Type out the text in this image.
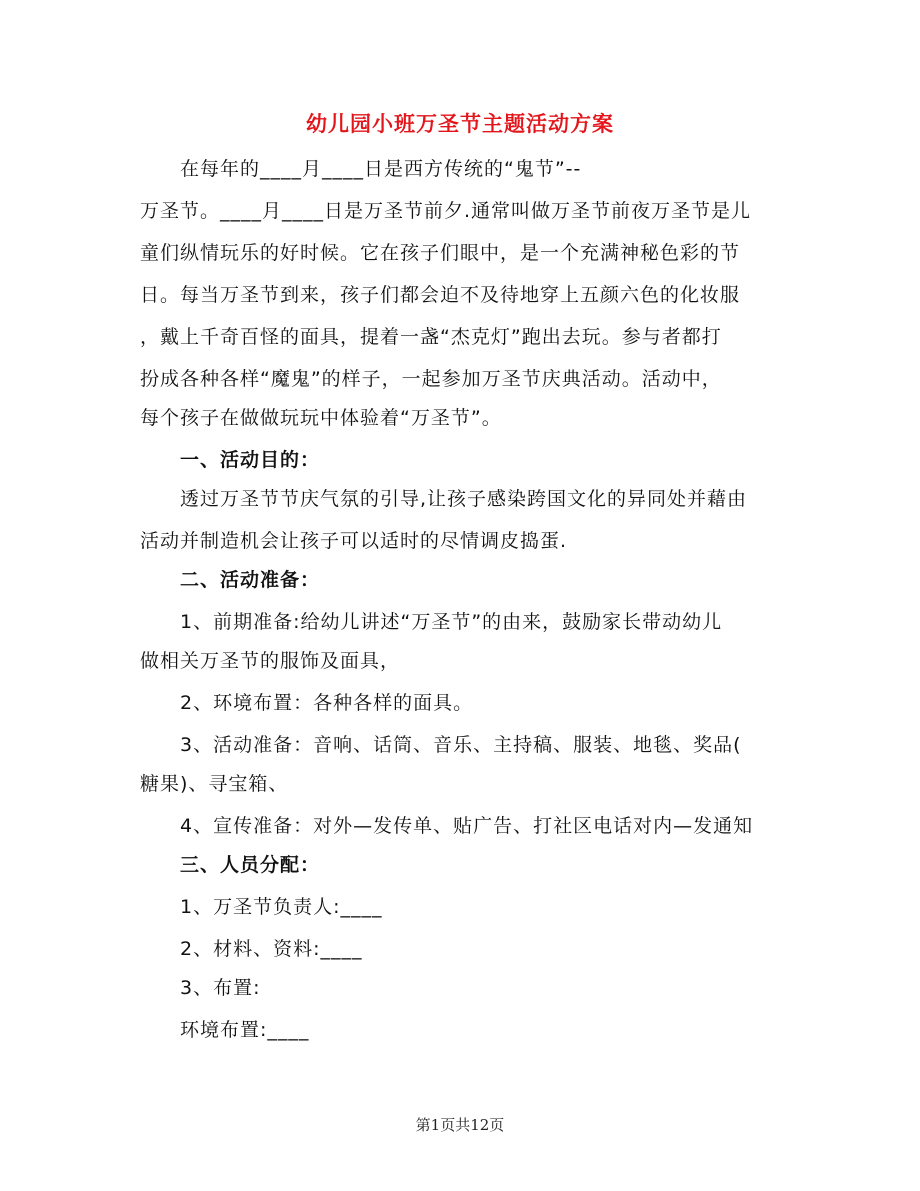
幼儿园小班万圣节主题活动方案
在每年的____月____日是西方传统的“鬼节”--
万圣节。____月____日是万圣节前夕.通常叫做万圣节前夜万圣节是儿
童们纵情玩乐的好时候。它在孩子们眼中，是一个充满神秘色彩的节
日。每当万圣节到来，孩子们都会迫不及待地穿上五颜六色的化妆服
，戴上千奇百怪的面具，提着一盏“杰克灯”跑出去玩。参与者都打
扮成各种各样“魔鬼”的样子，一起参加万圣节庆典活动。活动中，
每个孩子在做做玩玩中体验着“万圣节”。
一、活动目的：
透过万圣节节庆气氛的引导,让孩子感染跨国文化的异同处并藉由
活动并制造机会让孩子可以适时的尽情调皮捣蛋.
二、活动准备：
1、前期准备:给幼儿讲述“万圣节”的由来，鼓励家长带动幼儿
做相关万圣节的服饰及面具，
2、环境布置：各种各样的面具。
3、活动准备：音响、话筒、音乐、主持稿、服装、地毯、奖品(
糖果)、寻宝箱、
4、宣传准备：对外—发传单、贴广告、打社区电话对内—发通知
三、人员分配：
1、万圣节负责人:____
2、材料、资料:____
3、布置:
环境布置:____
第1页共12页
